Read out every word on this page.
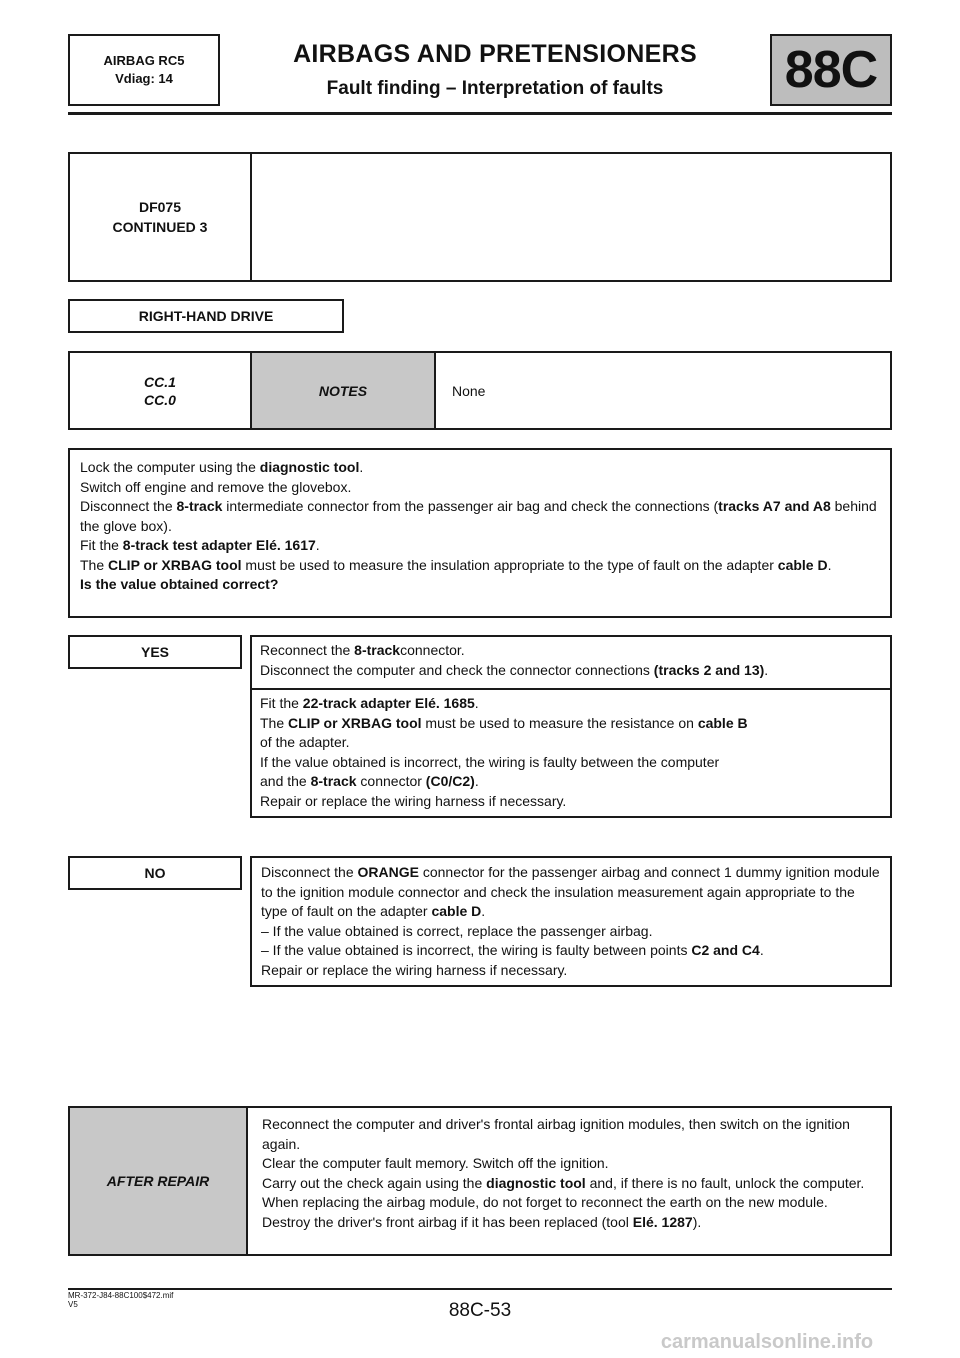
AIRBAG RC5
Vdiag: 14
AIRBAGS AND PRETENSIONERS
Fault finding – Interpretation of faults	88C
DF075
CONTINUED 3
RIGHT-HAND DRIVE
CC.1
CC.0
NOTES	None

Lock the computer using the diagnostic tool.

Switch off engine and remove the glovebox.

Disconnect the 8-track intermediate connector from the passenger air bag and check the connections (tracks A7 and A8 behind the glove box).

Fit the 8-track test adapter Elé. 1617.

The CLIP or XRBAG tool must be used to measure the insulation appropriate to the type of fault on the adapter cable D.

Is the value obtained correct?

YES	Reconnect the 8-trackconnector.

Disconnect the computer and check the connector connections (tracks 2 and 13).

Fit the 22-track adapter Elé. 1685.

The CLIP or XRBAG tool must be used to measure the resistance on cable B

of the adapter.

If the value obtained is incorrect, the wiring is faulty between the computer

and the 8-track connector (C0/C2).

Repair or replace the wiring harness if necessary.

NO	Disconnect the ORANGE connector for the passenger airbag and connect 1 dummy ignition module to the ignition module connector and check the insulation measurement again appropriate to the type of fault on the adapter cable D.

– If the value obtained is correct, replace the passenger airbag.

– If the value obtained is incorrect, the wiring is faulty between points C2 and C4.

Repair or replace the wiring harness if necessary.

AFTER REPAIR

Reconnect the computer and driver's frontal airbag ignition modules, then switch on the ignition again.

Clear the computer fault memory. Switch off the ignition.

Carry out the check again using the diagnostic tool and, if there is no fault, unlock the computer. When replacing the airbag module, do not forget to reconnect the earth on the new module.

Destroy the driver's front airbag if it has been replaced (tool Elé. 1287).

MR-372-J84-88C100$472.mif
V5	88C-53
carmanualsonline.info
